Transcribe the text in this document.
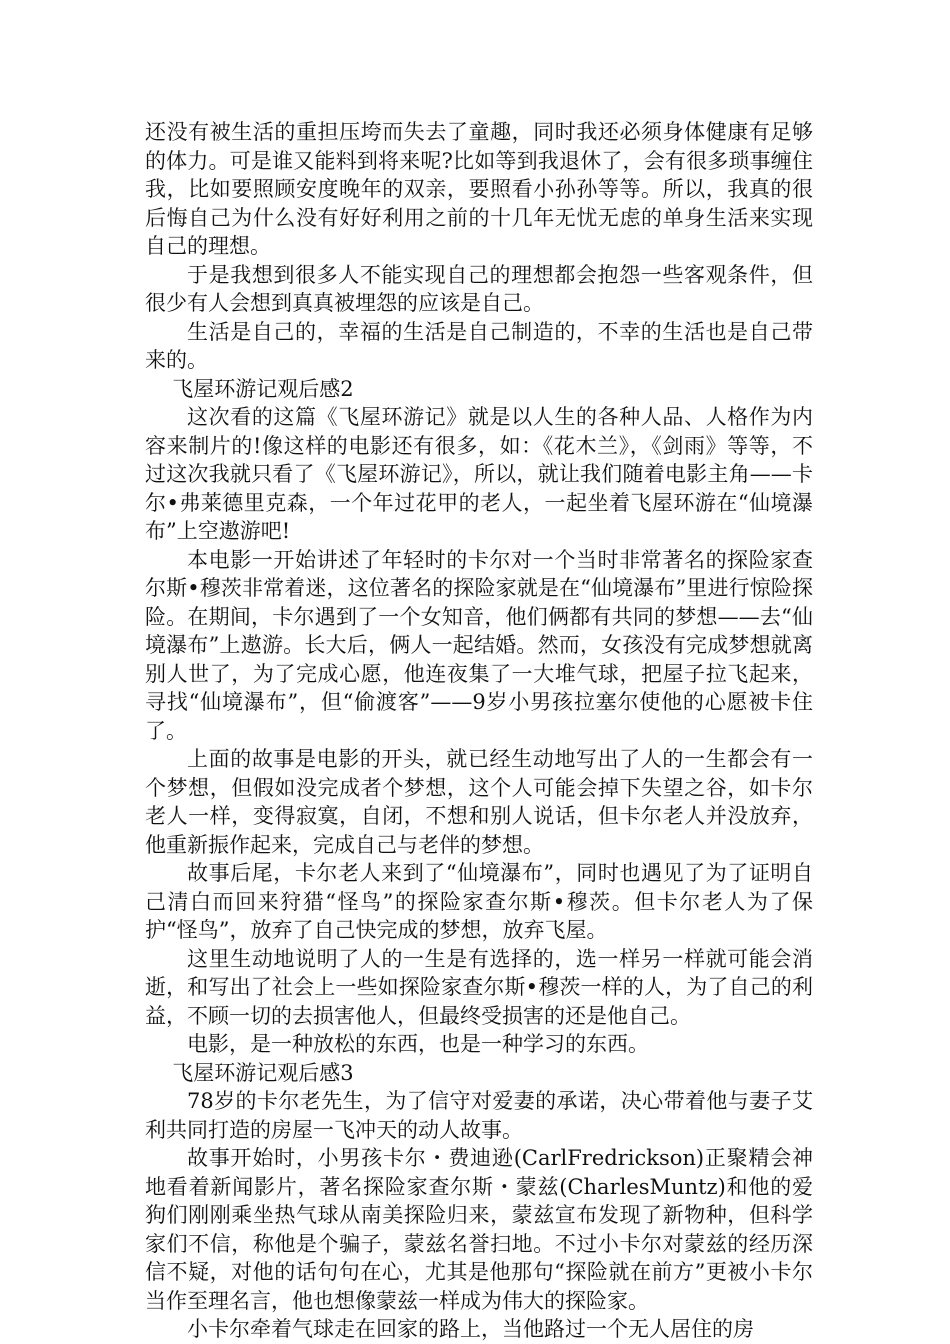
还没有被生活的重担压垮而失去了童趣，同时我还必须身体健康有足够的体力。可是谁又能料到将来呢?比如等到我退休了，会有很多琐事缠住我，比如要照顾安度晚年的双亲，要照看小孙孙等等。所以，我真的很后悔自己为什么没有好好利用之前的十几年无忧无虑的单身生活来实现自己的理想。

于是我想到很多人不能实现自己的理想都会抱怨一些客观条件，但很少有人会想到真真被埋怨的应该是自己。

生活是自己的，幸福的生活是自己制造的，不幸的生活也是自己带来的。

飞屋环游记观后感2

这次看的这篇《飞屋环游记》就是以人生的各种人品、人格作为内容来制片的!像这样的电影还有很多，如：《花木兰》，《剑雨》等等，不过这次我就只看了《飞屋环游记》，所以，就让我们随着电影主角——卡尔•弗莱德里克森，一个年过花甲的老人，一起坐着飞屋环游在“仙境瀑布”上空遨游吧!

本电影一开始讲述了年轻时的卡尔对一个当时非常著名的探险家查尔斯•穆茨非常着迷，这位著名的探险家就是在“仙境瀑布”里进行惊险探险。在期间，卡尔遇到了一个女知音，他们俩都有共同的梦想——去“仙境瀑布”上遨游。长大后，俩人一起结婚。然而，女孩没有完成梦想就离别人世了，为了完成心愿，他连夜集了一大堆气球，把屋子拉飞起来，寻找“仙境瀑布”，但“偷渡客”——9岁小男孩拉塞尔使他的心愿被卡住了。

上面的故事是电影的开头，就已经生动地写出了人的一生都会有一个梦想，但假如没完成者个梦想，这个人可能会掉下失望之谷，如卡尔老人一样，变得寂寞，自闭，不想和别人说话，但卡尔老人并没放弃，他重新振作起来，完成自己与老伴的梦想。

故事后尾，卡尔老人来到了“仙境瀑布”，同时也遇见了为了证明自己清白而回来狩猎“怪鸟”的探险家查尔斯•穆茨。但卡尔老人为了保护“怪鸟”，放弃了自己快完成的梦想，放弃飞屋。

这里生动地说明了人的一生是有选择的，选一样另一样就可能会消逝，和写出了社会上一些如探险家查尔斯•穆茨一样的人，为了自己的利益，不顾一切的去损害他人，但最终受损害的还是他自己。

电影，是一种放松的东西，也是一种学习的东西。

飞屋环游记观后感3

78岁的卡尔老先生，为了信守对爱妻的承诺，决心带着他与妻子艾利共同打造的房屋一飞冲天的动人故事。

故事开始时，小男孩卡尔・费迪逊(CarlFredrickson)正聚精会神地看着新闻影片，著名探险家查尔斯・蒙兹(CharlesMuntz)和他的爱狗们刚刚乘坐热气球从南美探险归来，蒙兹宣布发现了新物种，但科学家们不信，称他是个骗子，蒙兹名誉扫地。不过小卡尔对蒙兹的经历深信不疑，对他的话句句在心，尤其是他那句“探险就在前方”更被小卡尔当作至理名言，他也想像蒙兹一样成为伟大的探险家。

小卡尔牵着气球走在回家的路上，当他路过一个无人居住的房
